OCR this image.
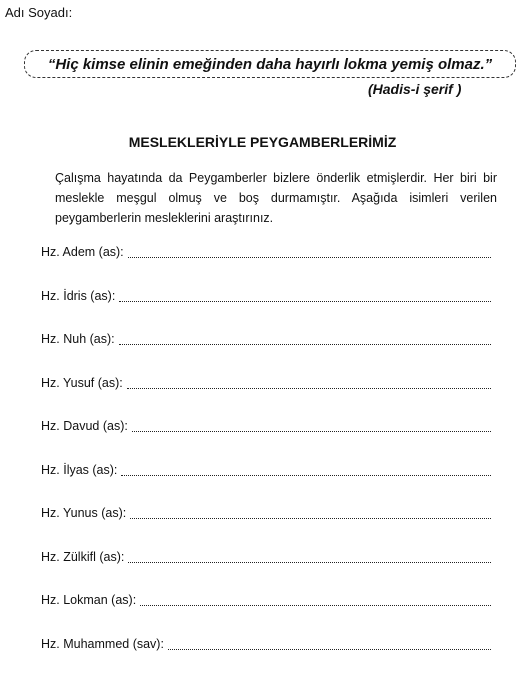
Adı Soyadı:
“Hiç kimse elinin emeğinden daha hayırlı lokma yemiş olmaz.”
(Hadis-i şerif )
MESLEKLERİYLE PEYGAMBERLERİMİZ
Çalışma hayatında da Peygamberler bizlere önderlik etmişlerdir. Her biri bir meslekle meşgul olmuş ve boş durmamıştır. Aşağıda isimleri verilen peygamberlerin mesleklerini araştırınız.
Hz. Adem (as):
Hz. İdris (as):
Hz. Nuh (as):
Hz. Yusuf (as):
Hz. Davud (as):
Hz. İlyas (as):
Hz. Yunus (as):
Hz. Zülkifl (as):
Hz. Lokman (as):
Hz. Muhammed (sav):
